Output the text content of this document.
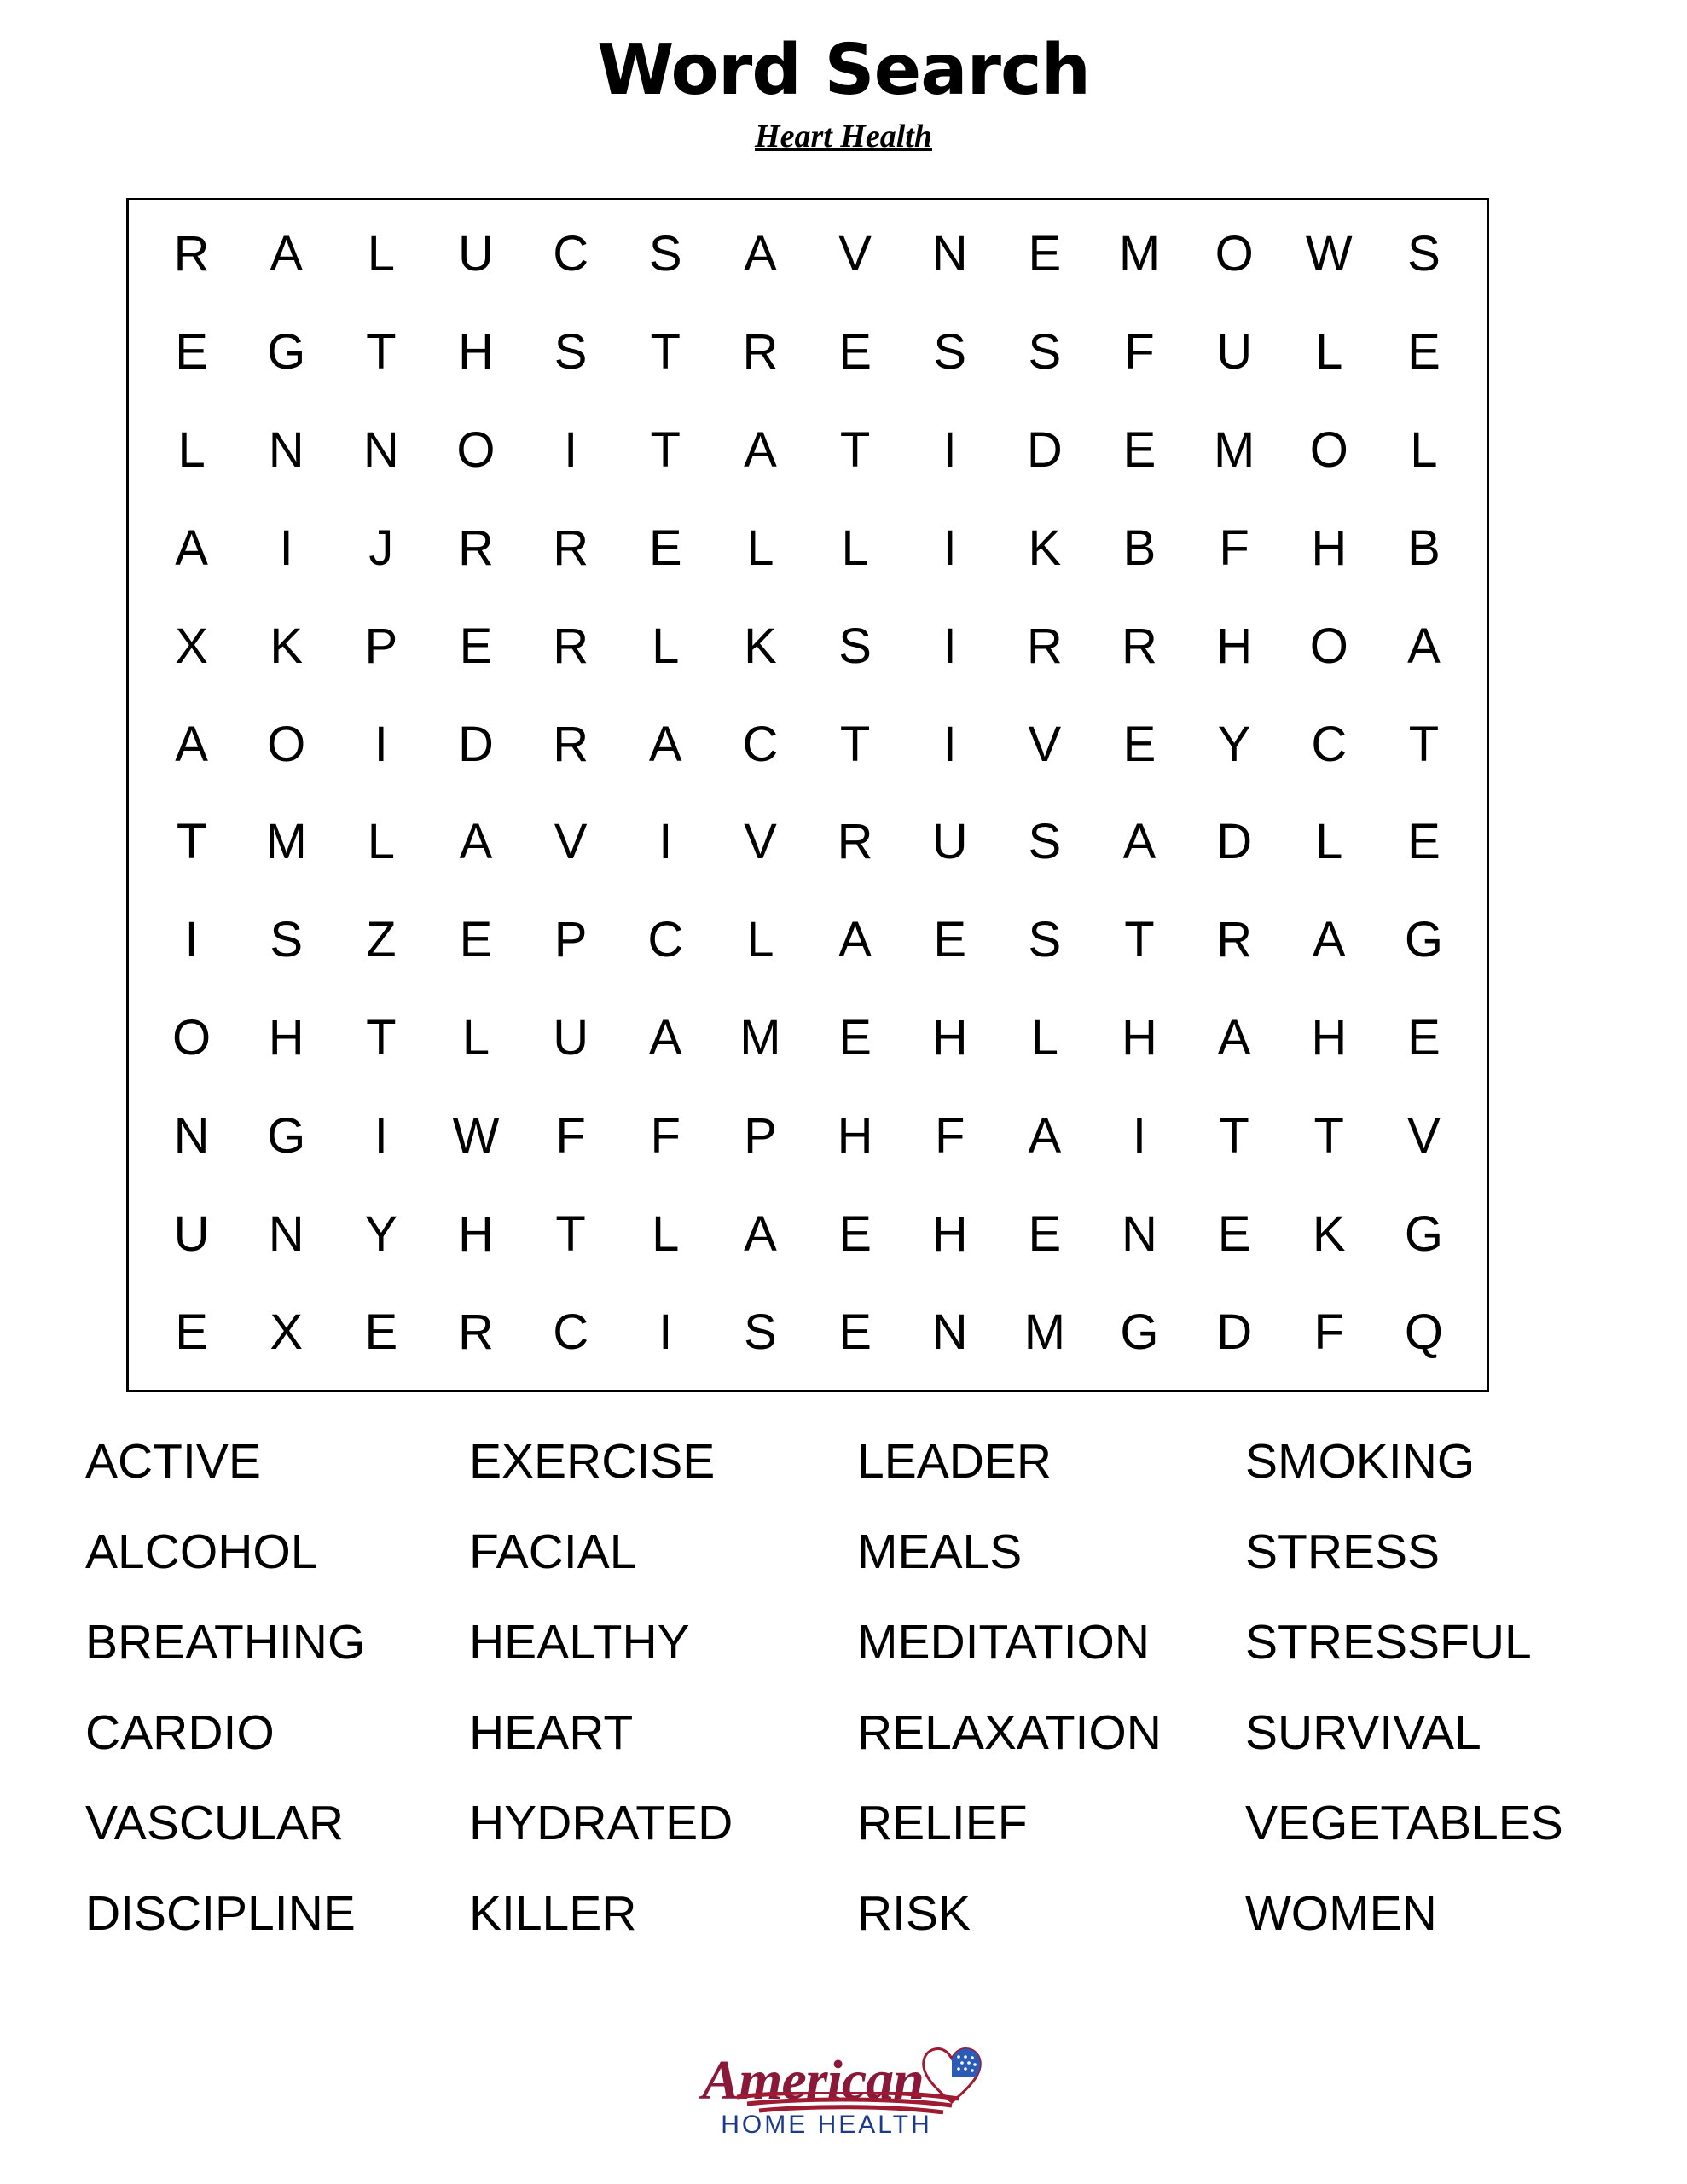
Word Search
Heart Health
R A L U C S A V N E M O W S
E G T H S T R E S S F U L E
L N N O I T A T I D E M O L
A I J R R E L L I K B F H B
X K P E R L K S I R R H O A
A O I D R A C T I V E Y C T
T M L A V I V R U S A D L E
I S Z E P C L A E S T R A G
O H T L U A M E H L H A H E
N G I W F F P H F A I T T V
U N Y H T L A E H E N E K G
E X E R C I S E N M G D F Q
ACTIVE	EXERCISE	LEADER	SMOKING
ALCOHOL	FACIAL	MEALS	STRESS
BREATHING	HEALTHY	MEDITATION	STRESSFUL
CARDIO	HEART	RELAXATION	SURVIVAL
VASCULAR	HYDRATED	RELIEF	VEGETABLES
DISCIPLINE	KILLER	RISK	WOMEN
American
HOME HEALTH
